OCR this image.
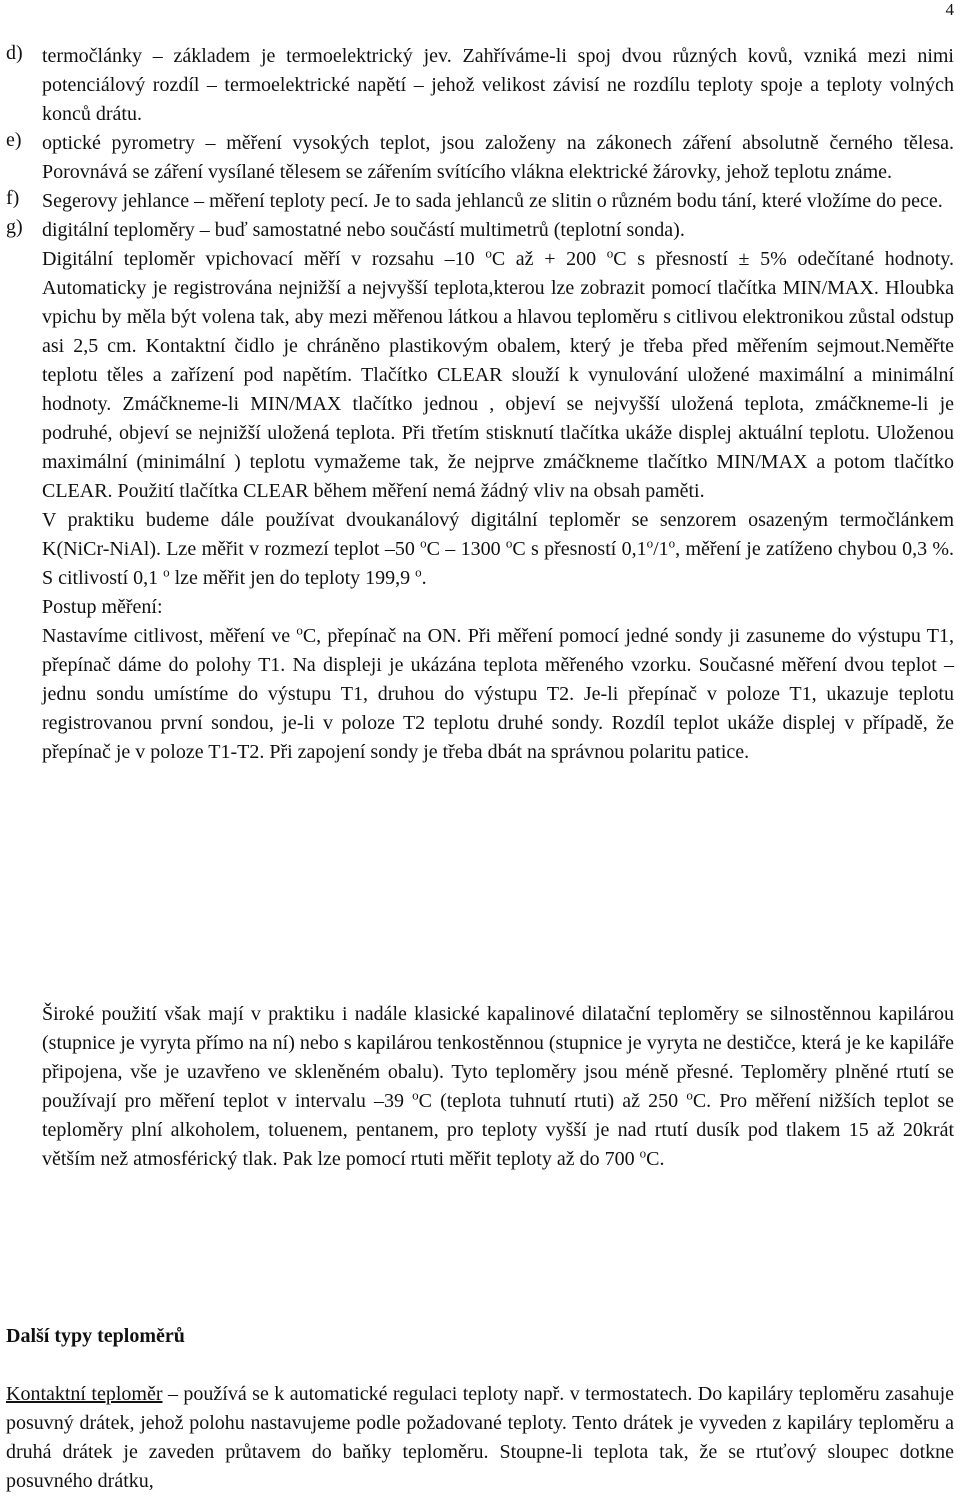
4
d) termočlánky – základem je termoelektrický jev. Zahříváme-li spoj dvou různých kovů, vzniká mezi nimi potenciálový rozdíl – termoelektrické napětí – jehož velikost závisí ne rozdílu teploty spoje a teploty volných konců drátu.
e)	optické pyrometry – měření vysokých teplot, jsou založeny na zákonech záření absolutně černého tělesa. Porovnává se záření vysílané tělesem se zářením svítícího vlákna elektrické žárovky, jehož teplotu známe.
f)	Segerovy jehlance – měření teploty pecí. Je to sada jehlanců ze slitin o různém bodu tání, které vložíme do pece.
g) digitální teploměry – buď samostatné nebo součástí multimetrů (teplotní sonda).
Digitální teploměr vpichovací měří v rozsahu –10 $^o$C až + 200 $^o$C s přesností ± 5% odečítané hodnoty. Automaticky je registrována nejnižší a nejvyšší teplota,kterou lze zobrazit pomocí tlačítka MIN/MAX. Hloubka vpichu by měla být volena tak, aby mezi měřenou látkou a hlavou teploměru s citlivou elektronikou zůstal odstup asi 2,5 cm. Kontaktní čidlo je chráněno plastikovým obalem, který je třeba před měřením sejmout.Neměřte teplotu těles a zařízení pod napětím. Tlačítko CLEAR slouží k vynulování uložené maximální a minimální hodnoty. Zmáčkneme-li MIN/MAX tlačítko jednou , objeví se nejvyšší uložená teplota, zmáčkneme-li je podruhé, objeví se nejnižší uložená teplota. Při třetím stisknutí tlačítka ukáže displej aktuální teplotu. Uloženou maximální (minimální ) teplotu vymažeme tak, že nejprve zmáčkneme tlačítko MIN/MAX a potom tlačítko CLEAR. Použití tlačítka CLEAR během měření nemá žádný vliv na obsah paměti.
V praktiku budeme dále používat dvoukanálový digitální teploměr se senzorem osazeným termočlánkem K(NiCr-NiAl). Lze měřit v rozmezí teplot –50 $^o$C – 1300 $^o$C s přesností 0,1$^o$/1$^o$, měření je zatíženo chybou 0,3 %. S citlivostí 0,1 $^o$ lze měřit jen do teploty 199,9 $^o$.
Postup měření:
Nastavíme citlivost, měření ve $^o$C, přepínač na ON. Při měření pomocí jedné sondy ji zasuneme do výstupu T1, přepínač dáme do polohy T1. Na displeji je ukázána teplota měřeného vzorku. Současné měření dvou teplot – jednu sondu umístíme do výstupu T1, druhou do výstupu T2. Je-li přepínač v poloze T1, ukazuje teplotu registrovanou první sondou, je-li v poloze T2 teplotu druhé sondy. Rozdíl teplot ukáže displej v případě, že přepínač je v poloze T1-T2. Při zapojení sondy je třeba dbát na správnou polaritu patice.

Široké použití však mají v praktiku i nadále klasické kapalinové dilatační teploměry se silnostěnnou kapilárou (stupnice je vyryta přímo na ní) nebo s kapilárou tenkostěnnou (stupnice je vyryta ne destičce, která je ke kapiláře připojena, vše je uzavřeno ve skleněném obalu). Tyto teploměry jsou méně přesné. Teploměry plněné rtutí se používají pro měření teplot v intervalu –39 $^o$C (teplota tuhnutí rtuti) až 250 $^o$C. Pro měření nižších teplot se teploměry plní alkoholem, toluenem, pentanem, pro teploty vyšší je nad rtutí dusík pod tlakem 15 až 20krát větším než atmosférický tlak. Pak lze pomocí rtuti měřit teploty až do 700 $^o$C.

Další typy teploměrů

Kontaktní teploměr – používá se k automatické regulaci teploty např. v termostatech. Do kapiláry teploměru zasahuje posuvný drátek, jehož polohu nastavujeme podle požadované teploty. Tento drátek je vyveden z kapiláry teploměru a druhá drátek je zaveden průtavem do baňky teploměru. Stoupne-li teplota tak, že se rtuťový sloupec dotkne posuvného drátku,
